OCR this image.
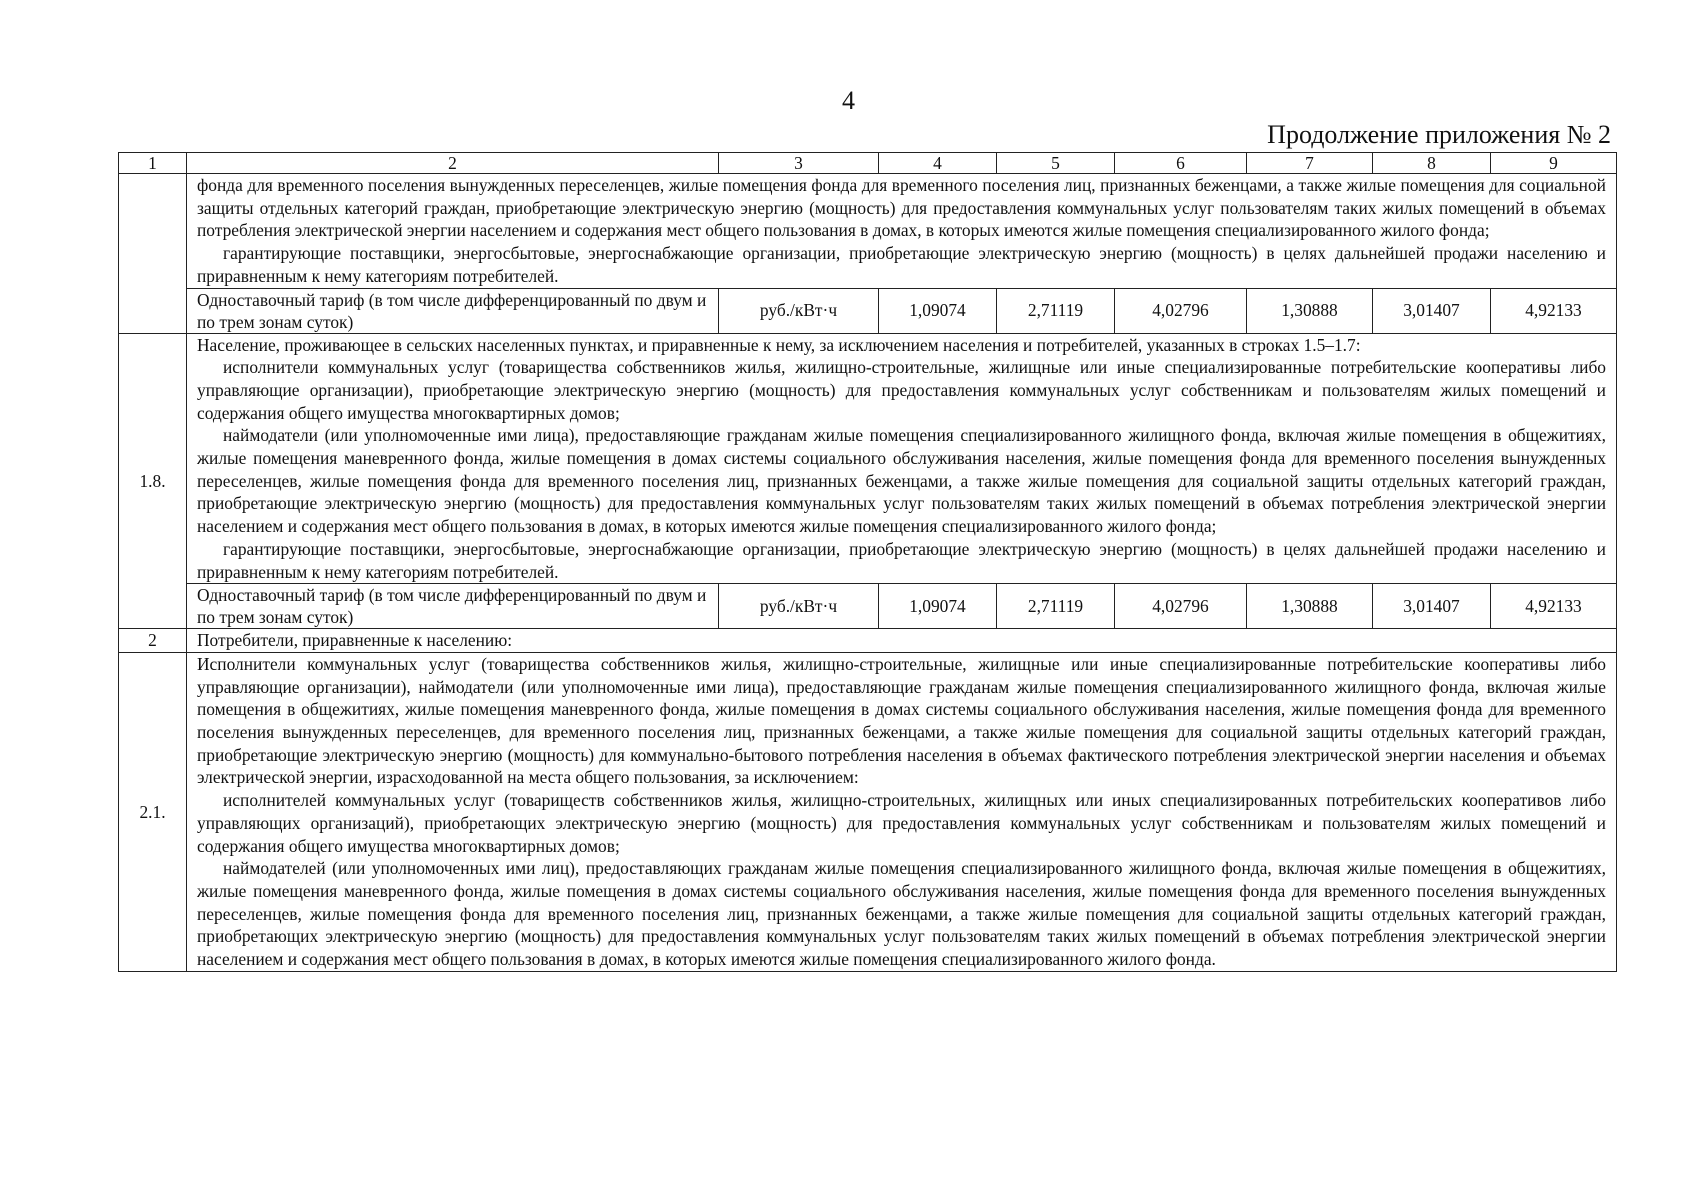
4
Продолжение приложения № 2
1	2	3	4	5	6	7	8	9

	фонда для временного поселения вынужденных переселенцев, жилые помещения фонда для временного поселения лиц, признанных беженцами, а также жилые помещения для социальной защиты отдельных категорий граждан, приобретающие электрическую энергию (мощность) для предоставления коммунальных услуг пользователям таких жилых помещений в объемах потребления электрической энергии населением и содержания мест общего пользования в домах, в которых имеются жилые помещения специализированного жилого фонда;

гарантирующие поставщики, энергосбытовые, энергоснабжающие организации, приобретающие электрическую энергию (мощность) в целях дальнейшей продажи населению и приравненным к нему категориям потребителей.							

	Одноставочный тариф (в том числе дифференцированный по двум и по трем зонам суток)	руб./кВт·ч	1,09074	2,71119	4,02796	1,30888	3,01407	4,92133
1.8.	Население, проживающее в сельских населенных пунктах, и приравненные к нему, за исключением населения и потребителей, указанных в строках 1.5–1.7:

исполнители коммунальных услуг (товарищества собственников жилья, жилищно-строительные, жилищные или иные специализированные потребительские кооперативы либо управляющие организации), приобретающие электрическую энергию (мощность) для предоставления коммунальных услуг собственникам и пользователям жилых помещений и содержания общего имущества многоквартирных домов;

наймодатели (или уполномоченные ими лица), предоставляющие гражданам жилые помещения специализированного жилищного фонда, включая жилые помещения в общежитиях, жилые помещения маневренного фонда, жилые помещения в домах системы социального обслуживания населения, жилые помещения фонда для временного поселения вынужденных переселенцев, жилые помещения фонда для временного поселения лиц, признанных беженцами, а также жилые помещения для социальной защиты отдельных категорий граждан, приобретающие электрическую энергию (мощность) для предоставления коммунальных услуг пользователям таких жилых помещений в объемах потребления электрической энергии населением и содержания мест общего пользования в домах, в которых имеются жилые помещения специализированного жилого фонда;

гарантирующие поставщики, энергосбытовые, энергоснабжающие организации, приобретающие электрическую энергию (мощность) в целях дальнейшей продажи населению и приравненным к нему категориям потребителей.							

	Одноставочный тариф (в том числе дифференцированный по двум и по трем зонам суток)	руб./кВт·ч	1,09074	2,71119	4,02796	1,30888	3,01407	4,92133
2	Потребители, приравненные к населению:							

2.1.	Исполнители коммунальных услуг (товарищества собственников жилья, жилищно-строительные, жилищные или иные специализированные потребительские кооперативы либо управляющие организации), наймодатели (или уполномоченные ими лица), предоставляющие гражданам жилые помещения специализированного жилищного фонда, включая жилые помещения в общежитиях, жилые помещения маневренного фонда, жилые помещения в домах системы социального обслуживания населения, жилые помещения фонда для временного поселения вынужденных переселенцев, для временного поселения лиц, признанных беженцами, а также жилые помещения для социальной защиты отдельных категорий граждан, приобретающие электрическую энергию (мощность) для коммунально-бытового потребления населения в объемах фактического потребления электрической энергии населения и объемах электрической энергии, израсходованной на места общего пользования, за исключением:

исполнителей коммунальных услуг (товариществ собственников жилья, жилищно-строительных, жилищных или иных специализированных потребительских кооперативов либо управляющих организаций), приобретающих электрическую энергию (мощность) для предоставления коммунальных услуг собственникам и пользователям жилых помещений и содержания общего имущества многоквартирных домов;

наймодателей (или уполномоченных ими лиц), предоставляющих гражданам жилые помещения специализированного жилищного фонда, включая жилые помещения в общежитиях, жилые помещения маневренного фонда, жилые помещения в домах системы социального обслуживания населения, жилые помещения фонда для временного поселения вынужденных переселенцев, жилые помещения фонда для временного поселения лиц, признанных беженцами, а также жилые помещения для социальной защиты отдельных категорий граждан, приобретающих электрическую энергию (мощность) для предоставления коммунальных услуг пользователям таких жилых помещений в объемах потребления электрической энергии населением и содержания мест общего пользования в домах, в которых имеются жилые помещения специализированного жилого фонда.							
